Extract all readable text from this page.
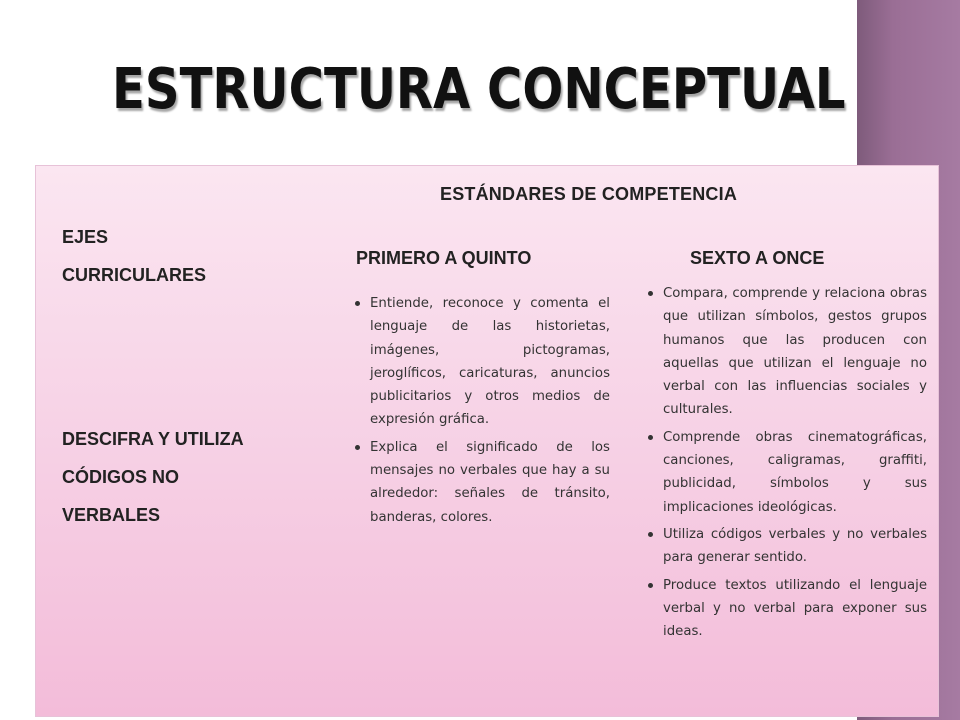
ESTRUCTURA CONCEPTUAL
ESTÁNDARES DE COMPETENCIA
EJES
CURRICULARES
DESCIFRA Y UTILIZA
CÓDIGOS NO
VERBALES
PRIMERO A QUINTO	SEXTO A ONCE
Entiende, reconoce y comenta el lenguaje de las historietas, imágenes, pictogramas, jeroglíficos, caricaturas, anuncios publicitarios y otros medios de expresión gráfica.
Explica el significado de los mensajes no verbales que hay a su alrededor: señales de tránsito, banderas, colores.
Compara, comprende y relaciona obras que utilizan símbolos, gestos grupos humanos que las producen con aquellas que utilizan el lenguaje no verbal con las influencias sociales y culturales.
Comprende obras cinematográficas, canciones, caligramas, graffiti, publicidad, símbolos y sus implicaciones ideológicas.
Utiliza códigos verbales y no verbales para generar sentido.
Produce textos utilizando el lenguaje verbal y no verbal para exponer sus ideas.
